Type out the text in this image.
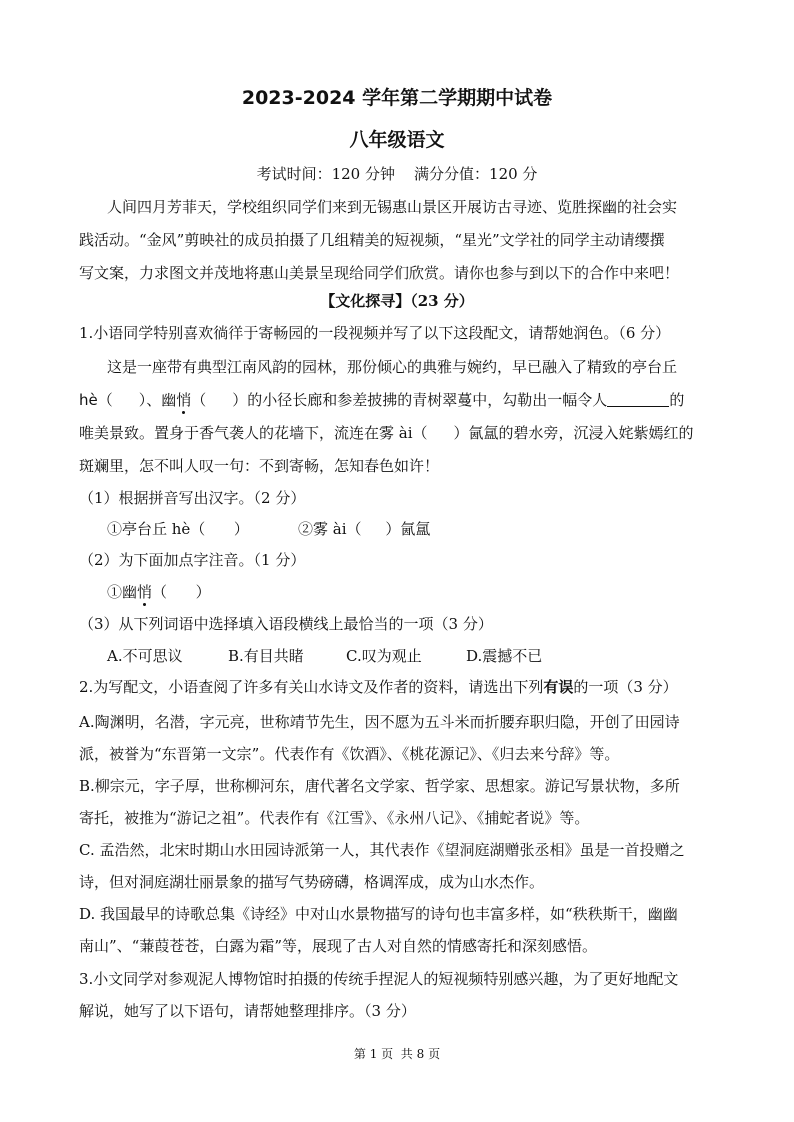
2023-2024 学年第二学期期中试卷
八年级语文
考试时间：120 分钟    满分分值：120 分
人间四月芳菲天，学校组织同学们来到无锡惠山景区开展访古寻迹、览胜探幽的社会实
践活动。“金风”剪映社的成员拍摄了几组精美的短视频，“星光”文学社的同学主动请缨撰
写文案，力求图文并茂地将惠山美景呈现给同学们欣赏。请你也参与到以下的合作中来吧！
【文化探寻】（23 分）
1.小语同学特别喜欢徜徉于寄畅园的一段视频并写了以下这段配文，请帮她润色。（6 分）
这是一座带有典型江南风韵的园林，那份倾心的典雅与婉约，早已融入了精致的亭台丘
hè（ ）、幽悄（ ）的小径长廊和参差披拂的青树翠蔓中，勾勒出一幅令人	的
唯美景致。置身于香气袭人的花墙下，流连在雾 ài（ ）氤氲的碧水旁，沉浸入姹紫嫣红的
斑斓里，怎不叫人叹一句：不到寄畅，怎知春色如许！
（1）根据拼音写出汉字。（2 分）
①亭台丘 hè（      ）	②雾 ài（     ）氤氲
（2）为下面加点字注音。（1 分）
①幽悄（      ）
（3）从下列词语中选择填入语段横线上最恰当的一项（3 分）
A.不可思议	B.有目共睹	C.叹为观止	D.震撼不已
2.为写配文，小语查阅了许多有关山水诗文及作者的资料，请选出下列有误的一项（3 分）
A.陶渊明，名潜，字元亮，世称靖节先生，因不愿为五斗米而折腰弃职归隐，开创了田园诗
派，被誉为“东晋第一文宗”。代表作有《饮酒》、《桃花源记》、《归去来兮辞》等。
B.柳宗元，字子厚，世称柳河东，唐代著名文学家、哲学家、思想家。游记写景状物，多所
寄托，被推为“游记之祖”。代表作有《江雪》、《永州八记》、《捕蛇者说》等。
C. 孟浩然，北宋时期山水田园诗派第一人，其代表作《望洞庭湖赠张丞相》虽是一首投赠之
诗，但对洞庭湖壮丽景象的描写气势磅礴，格调浑成，成为山水杰作。
D. 我国最早的诗歌总集《诗经》中对山水景物描写的诗句也丰富多样，如“秩秩斯干，幽幽
南山”、“蒹葭苍苍，白露为霜”等，展现了古人对自然的情感寄托和深刻感悟。
3.小文同学对参观泥人博物馆时拍摄的传统手捏泥人的短视频特别感兴趣，为了更好地配文
解说，她写了以下语句，请帮她整理排序。（3 分）
第 1 页  共 8 页
